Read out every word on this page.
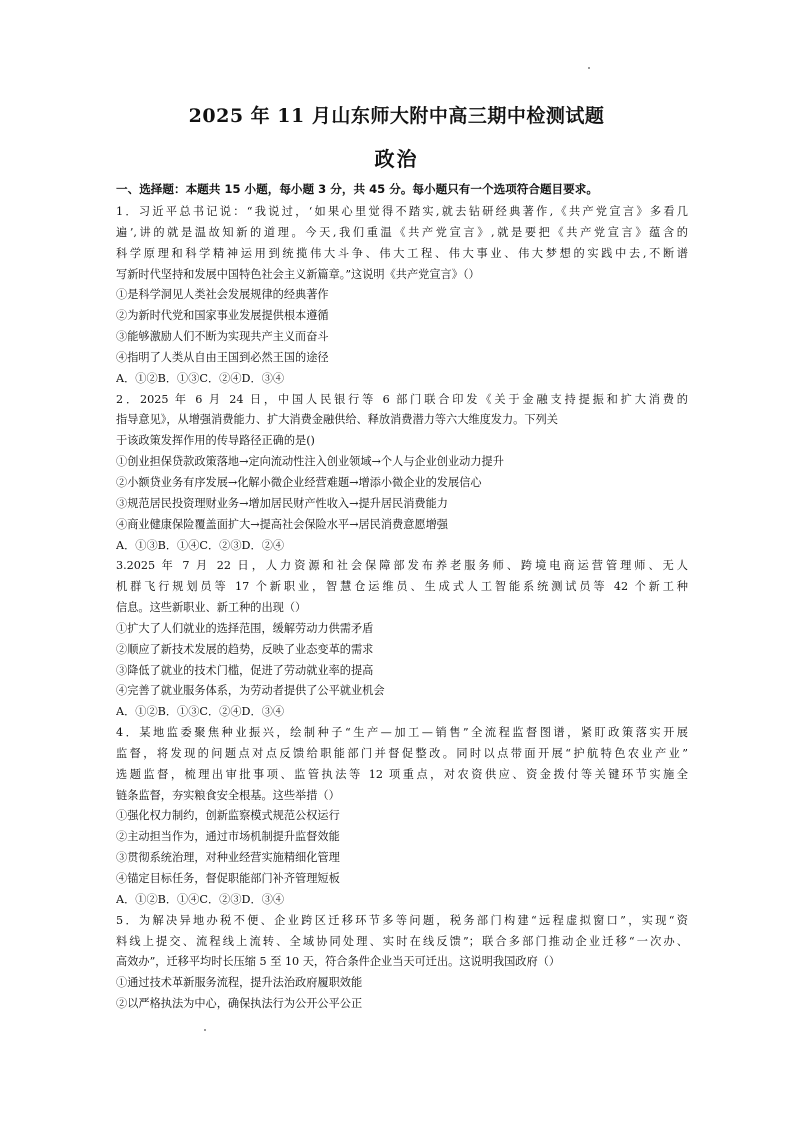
2025 年 11 月山东师大附中高三期中检测试题
政治
一、选择题：本题共 15 小题，每小题 3 分，共 45 分。每小题只有一个选项符合题目要求。
1．习近平总书记说：“我说过，‘如果心里觉得不踏实,就去钻研经典著作,《共产党宣言》多看几
遍’,讲的就是温故知新的道理。今天,我们重温《共产党宣言》,就是要把《共产党宣言》蕴含的
科学原理和科学精神运用到统揽伟大斗争、伟大工程、伟大事业、伟大梦想的实践中去,不断谱
写新时代坚持和发展中国特色社会主义新篇章。”这说明《共产党宣言》（）
①是科学洞见人类社会发展规律的经典著作
②为新时代党和国家事业发展提供根本遵循
③能够激励人们不断为实现共产主义而奋斗
④指明了人类从自由王国到必然王国的途径
A．①②B．①③C．②④D．③④
2．2025 年 6 月 24 日，中国人民银行等 6 部门联合印发《关于金融支持提振和扩大消费的
指导意见》，从增强消费能力、扩大消费金融供给、释放消费潜力等六大维度发力。下列关
于该政策发挥作用的传导路径正确的是()
①创业担保贷款政策落地→定向流动性注入创业领域→个人与企业创业动力提升
②小额贷业务有序发展→化解小微企业经营难题→增添小微企业的发展信心
③规范居民投资理财业务→增加居民财产性收入→提升居民消费能力
④商业健康保险覆盖面扩大→提高社会保险水平→居民消费意愿增强
A．①③B．①④C．②③D．②④
3.2025 年 7 月 22 日，人力资源和社会保障部发布养老服务师、跨境电商运营管理师、无人
机群飞行规划员等 17 个新职业，智慧仓运维员、生成式人工智能系统测试员等 42 个新工种
信息。这些新职业、新工种的出现（）
①扩大了人们就业的选择范围，缓解劳动力供需矛盾
②顺应了新技术发展的趋势，反映了业态变革的需求
③降低了就业的技术门槛，促进了劳动就业率的提高
④完善了就业服务体系，为劳动者提供了公平就业机会
A．①②B．①③C．②④D．③④
4．某地监委聚焦种业振兴，绘制种子“生产—加工—销售”全流程监督图谱，紧盯政策落实开展
监督，将发现的问题点对点反馈给职能部门并督促整改。同时以点带面开展“护航特色农业产业”
选题监督，梳理出审批事项、监管执法等 12 项重点，对农资供应、资金拨付等关键环节实施全
链条监督，夯实粮食安全根基。这些举措（）
①强化权力制约，创新监察模式规范公权运行
②主动担当作为，通过市场机制提升监督效能
③贯彻系统治理，对种业经营实施精细化管理
④锚定目标任务，督促职能部门补齐管理短板
A．①②B．①④C．②③D．③④
5．为解决异地办税不便、企业跨区迁移环节多等问题，税务部门构建“远程虚拟窗口”，实现“资
料线上提交、流程线上流转、全域协同处理、实时在线反馈”；联合多部门推动企业迁移“一次办、
高效办”，迁移平均时长压缩 5 至 10 天，符合条件企业当天可迁出。这说明我国政府（）
①通过技术革新服务流程，提升法治政府履职效能
②以严格执法为中心，确保执法行为公开公平公正
